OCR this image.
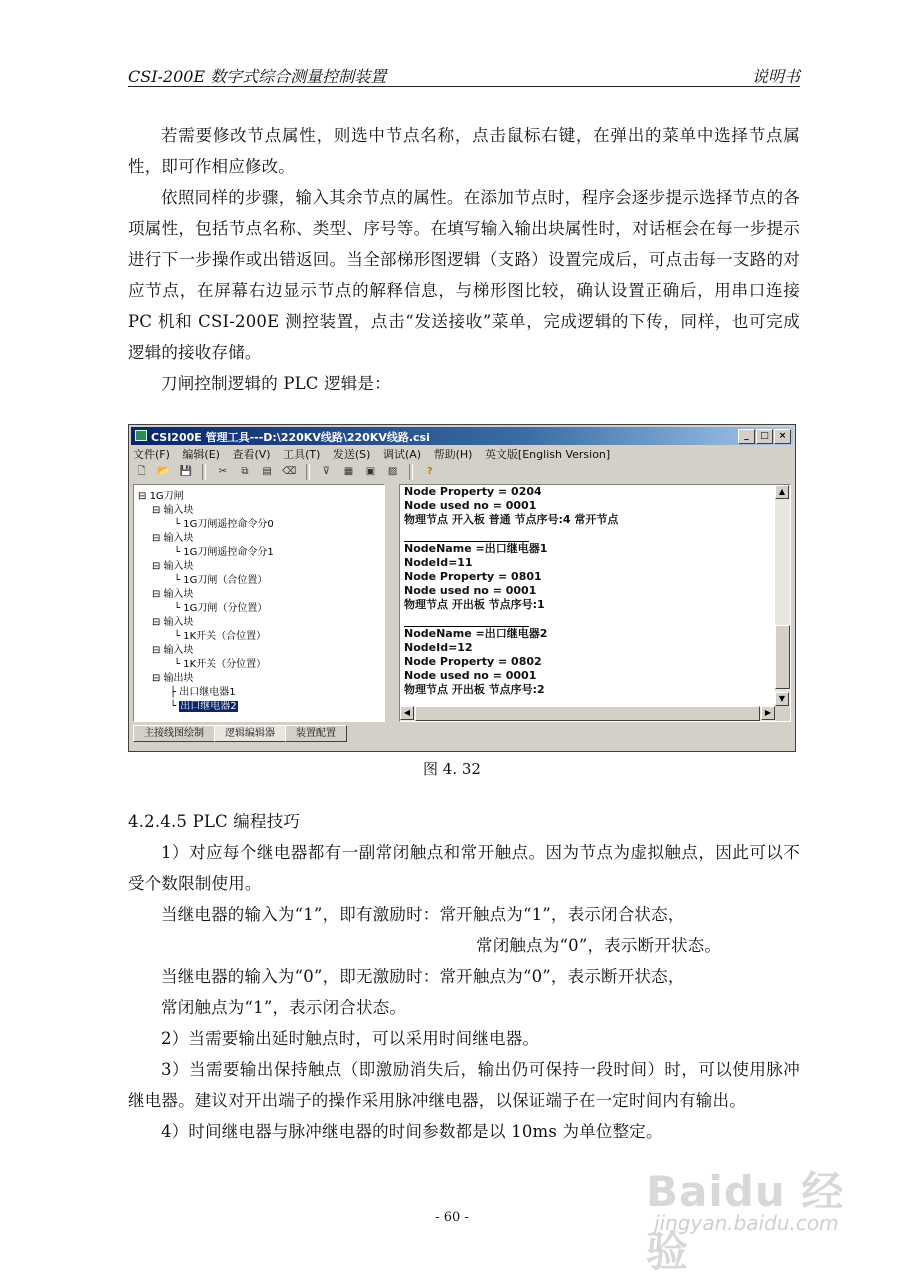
CSI-200E 数字式综合测量控制装置	说明书

若需要修改节点属性，则选中节点名称，点击鼠标右键，在弹出的菜单中选择节点属性，即可作相应修改。

依照同样的步骤，输入其余节点的属性。在添加节点时，程序会逐步提示选择节点的各项属性，包括节点名称、类型、序号等。在填写输入输出块属性时，对话框会在每一步提示进行下一步操作或出错返回。当全部梯形图逻辑（支路）设置完成后，可点击每一支路的对应节点，在屏幕右边显示节点的解释信息，与梯形图比较，确认设置正确后，用串口连接 PC 机和 CSI-200E 测控装置，点击“发送接收”菜单，完成逻辑的下传，同样，也可完成逻辑的接收存储。

刀闸控制逻辑的 PLC 逻辑是：

CSI200E 管理工具---D:\220KV线路\220KV线路.csi	_ □ ×
文件(F) 编辑(E) 查看(V) 工具(T) 发送(S) 调试(A) 帮助(H) 英文版[English Version]
🗋 📂 💾	✂ ⧉ ▤ ⌫	⊽ ▦ ▣ ▨	?
⊟ 1G刀闸
⊟ 输入块
└ 1G刀闸遥控命令分0
⊟ 输入块
└ 1G刀闸遥控命令分1
⊟ 输入块
└ 1G刀闸（合位置）
⊟ 输入块
└ 1G刀闸（分位置）
⊟ 输入块
└ 1K开关（合位置）
⊟ 输入块
└ 1K开关（分位置）
⊟ 输出块
├ 出口继电器1
└ 出口继电器2
Node Property = 0204
Node used no = 0001
物理节点 开入板 普通 节点序号:4 常开节点
NodeName =出口继电器1
NodeId=11
Node Property = 0801
Node used no = 0001
物理节点 开出板 节点序号:1
NodeName =出口继电器2
NodeId=12
Node Property = 0802
Node used no = 0001
物理节点 开出板 节点序号:2
▲
▼
◀	▶
主接线图绘制 逻辑编辑器 装置配置
图 4. 32

4.2.4.5 PLC 编程技巧

1）对应每个继电器都有一副常闭触点和常开触点。因为节点为虚拟触点，因此可以不受个数限制使用。

当继电器的输入为“1”，即有激励时：常开触点为“1”，表示闭合状态，

常闭触点为“0”，表示断开状态。

当继电器的输入为“0”，即无激励时：常开触点为“0”，表示断开状态，

常闭触点为“1”，表示闭合状态。

2）当需要输出延时触点时，可以采用时间继电器。

3）当需要输出保持触点（即激励消失后，输出仍可保持一段时间）时，可以使用脉冲继电器。建议对开出端子的操作采用脉冲继电器，以保证端子在一定时间内有输出。

4）时间继电器与脉冲继电器的时间参数都是以 10ms 为单位整定。

Baidu 经验
jingyan.baidu.com
- 60 -
